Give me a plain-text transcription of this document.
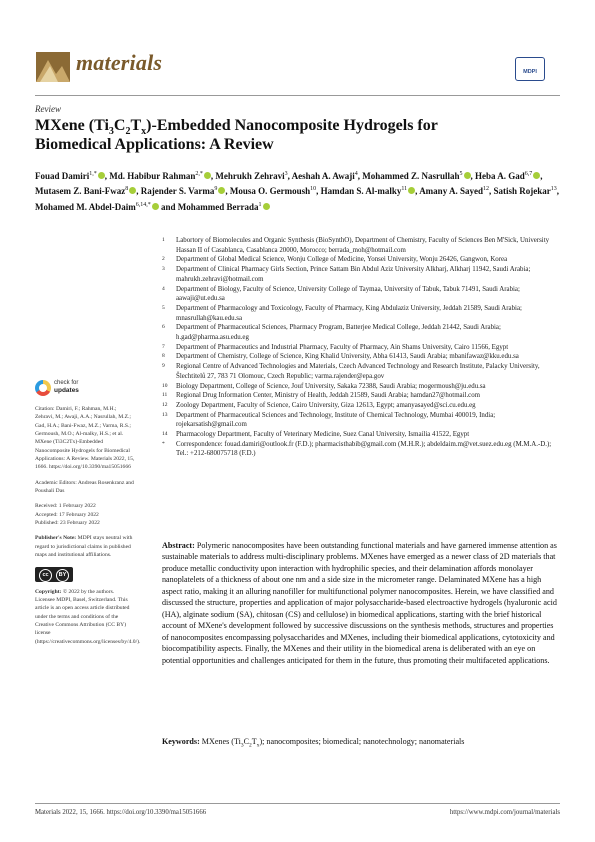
materials	MDPI
Review
MXene $(Ti_3C_2T_x)$-Embedded Nanocomposite Hydrogels for
Biomedical Applications: A Review
Fouad Damiri$^{1,*}$ , Md. Habibur Rahman$^{2,*}$ , Mehrukh Zehravi$^3$, Aeshah A. Awaji$^4$, Mohammed Z. Nasrullah$^5$ , Heba A. Gad$^{6,7}$ , Mutasem Z. Bani-Fwaz$^8$ , Rajender S. Varma$^9$ , Mousa O. Germoush$^{10}$, Hamdan S. Al-malky$^{11}$ , Amany A. Sayed$^{12}$, Satish Rojekar$^{13}$, Mohamed M. Abdel-Daim$^{6,14,*}$ and Mohammed Berrada$^1$
1 Labortory of Biomolecules and Organic Synthesis (BioSynthO), Department of Chemistry, Faculty of Sciences Ben M'Sick, University Hassan II of Casablanca, Casablanca 20000, Morocco; berrada_moh@hotmail.com
2 Department of Global Medical Science, Wonju College of Medicine, Yonsei University, Wonju 26426, Gangwon, Korea
3 Department of Clinical Pharmacy Girls Section, Prince Sattam Bin Abdul Aziz University Alkharj, Alkharj 11942, Saudi Arabia; mahrukh.zehravi@hotmail.com
4 Department of Biology, Faculty of Science, University College of Taymaa, University of Tabuk, Tabuk 71491, Saudi Arabia; aawaji@ut.edu.sa
5 Department of Pharmacology and Toxicology, Faculty of Pharmacy, King Abdulaziz University, Jeddah 21589, Saudi Arabia; mnasrullah@kau.edu.sa
6 Department of Pharmaceutical Sciences, Pharmacy Program, Batterjee Medical College, Jeddah 21442, Saudi Arabia; h.gad@pharma.asu.edu.eg
7 Department of Pharmaceutics and Industrial Pharmacy, Faculty of Pharmacy, Ain Shams University, Cairo 11566, Egypt
8 Department of Chemistry, College of Science, King Khalid University, Abha 61413, Saudi Arabia; mbanifawaz@kku.edu.sa
9 Regional Centre of Advanced Technologies and Materials, Czech Advanced Technology and Research Institute, Palacky University, Šlechtitelů 27, 783 71 Olomouc, Czech Republic; varma.rajender@epa.gov
10 Biology Department, College of Science, Jouf University, Sakaka 72388, Saudi Arabia; mogermoush@ju.edu.sa
11 Regional Drug Information Center, Ministry of Health, Jeddah 21589, Saudi Arabia; hamdan27@hotmail.com
12 Zoology Department, Faculty of Science, Cairo University, Giza 12613, Egypt; amanyasayed@sci.cu.edu.eg
13 Department of Pharmaceutical Sciences and Technology, Institute of Chemical Technology, Mumbai 400019, India; rojekarsatish@gmail.com
14 Pharmacology Department, Faculty of Veterinary Medicine, Suez Canal University, Ismailia 41522, Egypt
* Correspondence: fouad.damiri@outlook.fr (F.D.); pharmacisthabib@gmail.com (M.H.R.); abdeldaim.m@vet.suez.edu.eg (M.M.A.-D.); Tel.: +212-680075718 (F.D.)
check for
updates

Citation: Damiri, F.; Rahman, M.H.; Zehravi, M.; Awaji, A.A.; Nasrullah, M.Z.; Gad, H.A.; Bani-Fwaz, M.Z.; Varma, R.S.; Germoush, M.O.; Al-malky, H.S.; et al. MXene (Ti3C2Tx)-Embedded Nanocomposite Hydrogels for Biomedical Applications: A Review. Materials 2022, 15, 1666. https://doi.org/10.3390/ma15051666

Academic Editors: Andreas Rosenkranz and Poushali Das

Received: 1 February 2022

Accepted: 17 February 2022

Published: 23 February 2022

Publisher's Note: MDPI stays neutral with regard to jurisdictional claims in published maps and institutional affiliations.

cc	BY

Copyright: © 2022 by the authors. Licensee MDPI, Basel, Switzerland. This article is an open access article distributed under the terms and conditions of the Creative Commons Attribution (CC BY) license (https://creativecommons.org/licenses/by/4.0/).

Abstract: Polymeric nanocomposites have been outstanding functional materials and have garnered immense attention as sustainable materials to address multi-disciplinary problems. MXenes have emerged as a newer class of 2D materials that produce metallic conductivity upon interaction with hydrophilic species, and their delamination affords monolayer nanoplatelets of a thickness of about one nm and a side size in the micrometer range. Delaminated MXene has a high aspect ratio, making it an alluring nanofiller for multifunctional polymer nanocomposites. Herein, we have classified and discussed the structure, properties and application of major polysaccharide-based electroactive hydrogels (hyaluronic acid (HA), alginate sodium (SA), chitosan (CS) and cellulose) in biomedical applications, starting with the brief historical account of MXene's development followed by successive discussions on the synthesis methods, structures and properties of nanocomposites encompassing polysaccharides and MXenes, including their biomedical applications, cytotoxicity and biocompatibility aspects. Finally, the MXenes and their utility in the biomedical arena is deliberated with an eye on potential opportunities and challenges anticipated for them in the future, thus promoting their multifaceted applications.

Keywords: MXenes $(Ti_3C_2T_x)$; nanocomposites; biomedical; nanotechnology; nanomaterials

Materials 2022, 15, 1666. https://doi.org/10.3390/ma15051666	https://www.mdpi.com/journal/materials
